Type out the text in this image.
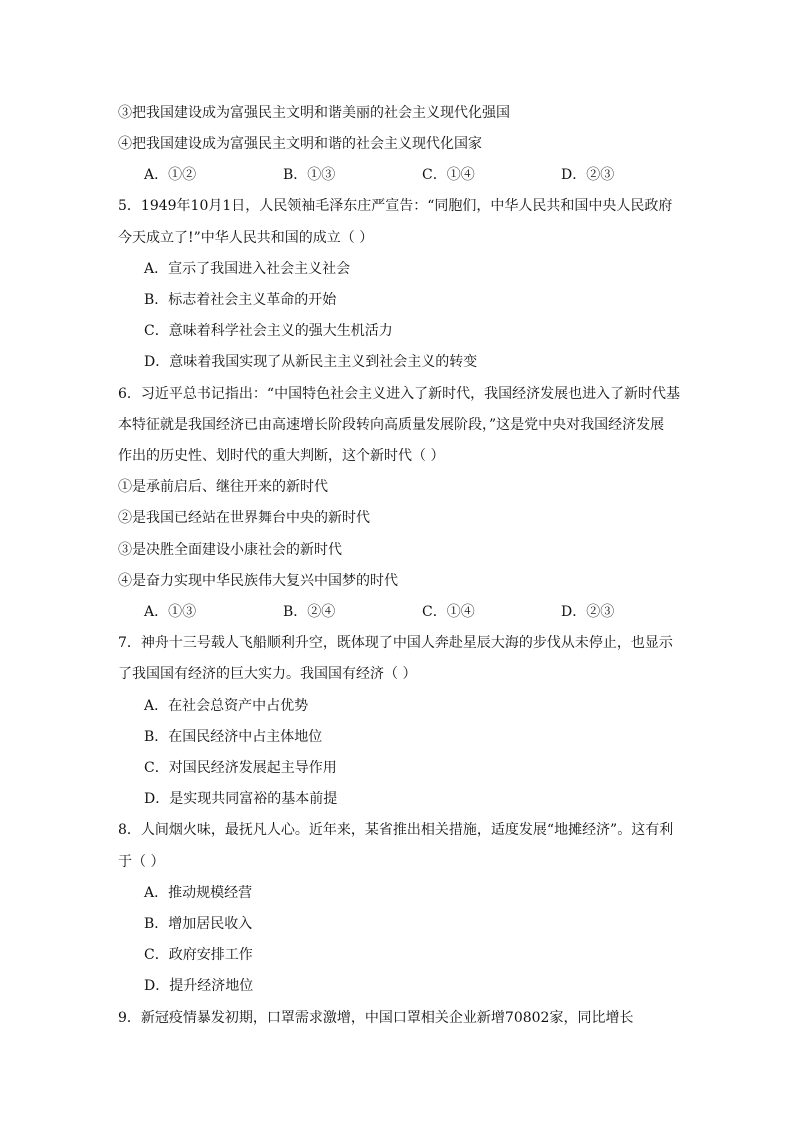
③把我国建设成为富强民主文明和谐美丽的社会主义现代化强国
④把我国建设成为富强民主文明和谐的社会主义现代化国家
A．①②	B．①③	C．①④	D．②③
5．1949年10月1日，人民领袖毛泽东庄严宣告：“同胞们，中华人民共和国中央人民政府
今天成立了!”中华人民共和国的成立（ ）
A．宣示了我国进入社会主义社会
B．标志着社会主义革命的开始
C．意味着科学社会主义的强大生机活力
D．意味着我国实现了从新民主主义到社会主义的转变
6．习近平总书记指出：“中国特色社会主义进入了新时代，我国经济发展也进入了新时代基
本特征就是我国经济已由高速增长阶段转向高质量发展阶段，”这是党中央对我国经济发展
作出的历史性、划时代的重大判断，这个新时代（ ）
①是承前启后、继往开来的新时代
②是我国已经站在世界舞台中央的新时代
③是决胜全面建设小康社会的新时代
④是奋力实现中华民族伟大复兴中国梦的时代
A．①③	B．②④	C．①④	D．②③
7．神舟十三号载人飞船顺利升空，既体现了中国人奔赴星辰大海的步伐从未停止，也显示
了我国国有经济的巨大实力。我国国有经济（ ）
A．在社会总资产中占优势
B．在国民经济中占主体地位
C．对国民经济发展起主导作用
D．是实现共同富裕的基本前提
8．人间烟火味，最抚凡人心。近年来，某省推出相关措施，适度发展“地摊经济”。这有利
于（ ）
A．推动规模经营
B．增加居民收入
C．政府安排工作
D．提升经济地位
9．新冠疫情暴发初期，口罩需求激增，中国口罩相关企业新增70802家，同比增长
